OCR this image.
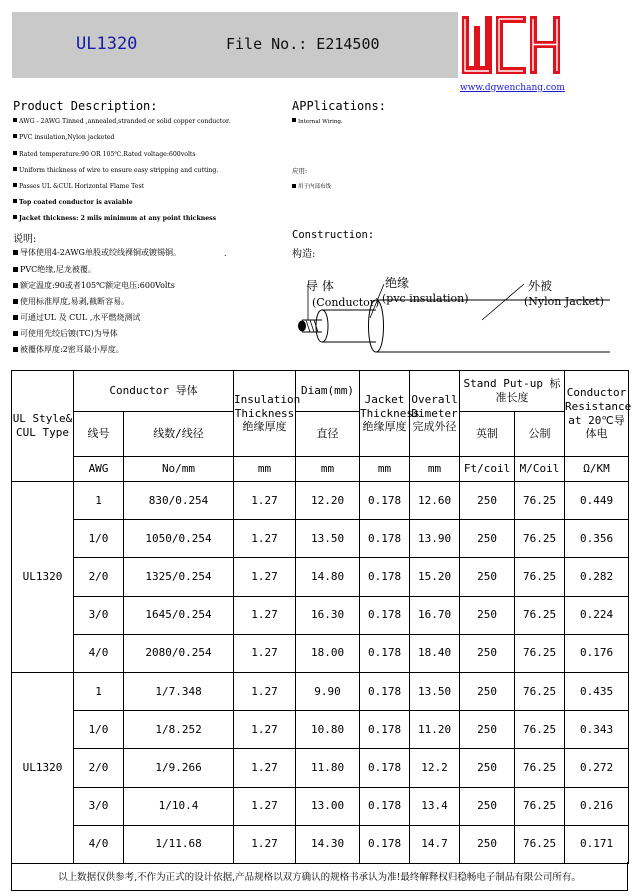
UL1320	File No.: E214500
www.dgwenchang.com
Product Description:
AWG - 2AWG Tinned ,annealed,stranded or solid copper conductor.
PVC insulation,Nylon jacketed
Rated temperature:90 OR 105℃.Rated voltage:600volts
Uniform thickness of wire to ensure easy stripping and cutting.
Passes UL &CUL Horizontal Flame Test
Top coated conductor is avaiable
Jacket thickness: 2 mils minimum at any point thickness
APPlications:
Internal Wiring.
应用:
用于内部布线
说明:
导体使用4-2AWG单股或绞线裸铜或镀锡铜。	.
PVC绝缘,尼龙被覆。
额定温度:90或者105℃额定电压:600Volts
使用标准厚度,易剥,截断容易。
可通过UL 及 CUL ,水平燃烧测试
可使用先绞后镀(TC)为导体
被覆体厚度:2密耳最小厚度。
Construction:
构造:
导 体
(Conductor)
绝缘
(pvc insulation)
外被
(Nylon Jacket)
UL Style& CUL Type	Conductor 导体		Insulation Thickness 绝缘厚度	Diam(mm)	Jacket Thickness 绝缘厚度	Overall Dimeter 完成外径	Stand Put-up 标准长度		Conductor Resistance at 20℃导体电
	线号	线数/线径		直径			英制	公制	
	AWG	No/mm	mm	mm	mm	mm	Ft/coil	M/Coil	Ω/KM
UL1320	1	830/0.254	1.27	12.20	0.178	12.60	250	76.25	0.449
	1/0	1050/0.254	1.27	13.50	0.178	13.90	250	76.25	0.356
	2/0	1325/0.254	1.27	14.80	0.178	15.20	250	76.25	0.282
	3/0	1645/0.254	1.27	16.30	0.178	16.70	250	76.25	0.224
	4/0	2080/0.254	1.27	18.00	0.178	18.40	250	76.25	0.176
UL1320	1	1/7.348	1.27	9.90	0.178	13.50	250	76.25	0.435
	1/0	1/8.252	1.27	10.80	0.178	11.20	250	76.25	0.343
	2/0	1/9.266	1.27	11.80	0.178	12.2	250	76.25	0.272
	3/0	1/10.4	1.27	13.00	0.178	13.4	250	76.25	0.216
	4/0	1/11.68	1.27	14.30	0.178	14.7	250	76.25	0.171
以上数据仅供参考,不作为正式的设计依据,产品规格以双方确认的规格书承认为准!最终解释权归稳畅电子制品有限公司所有。
